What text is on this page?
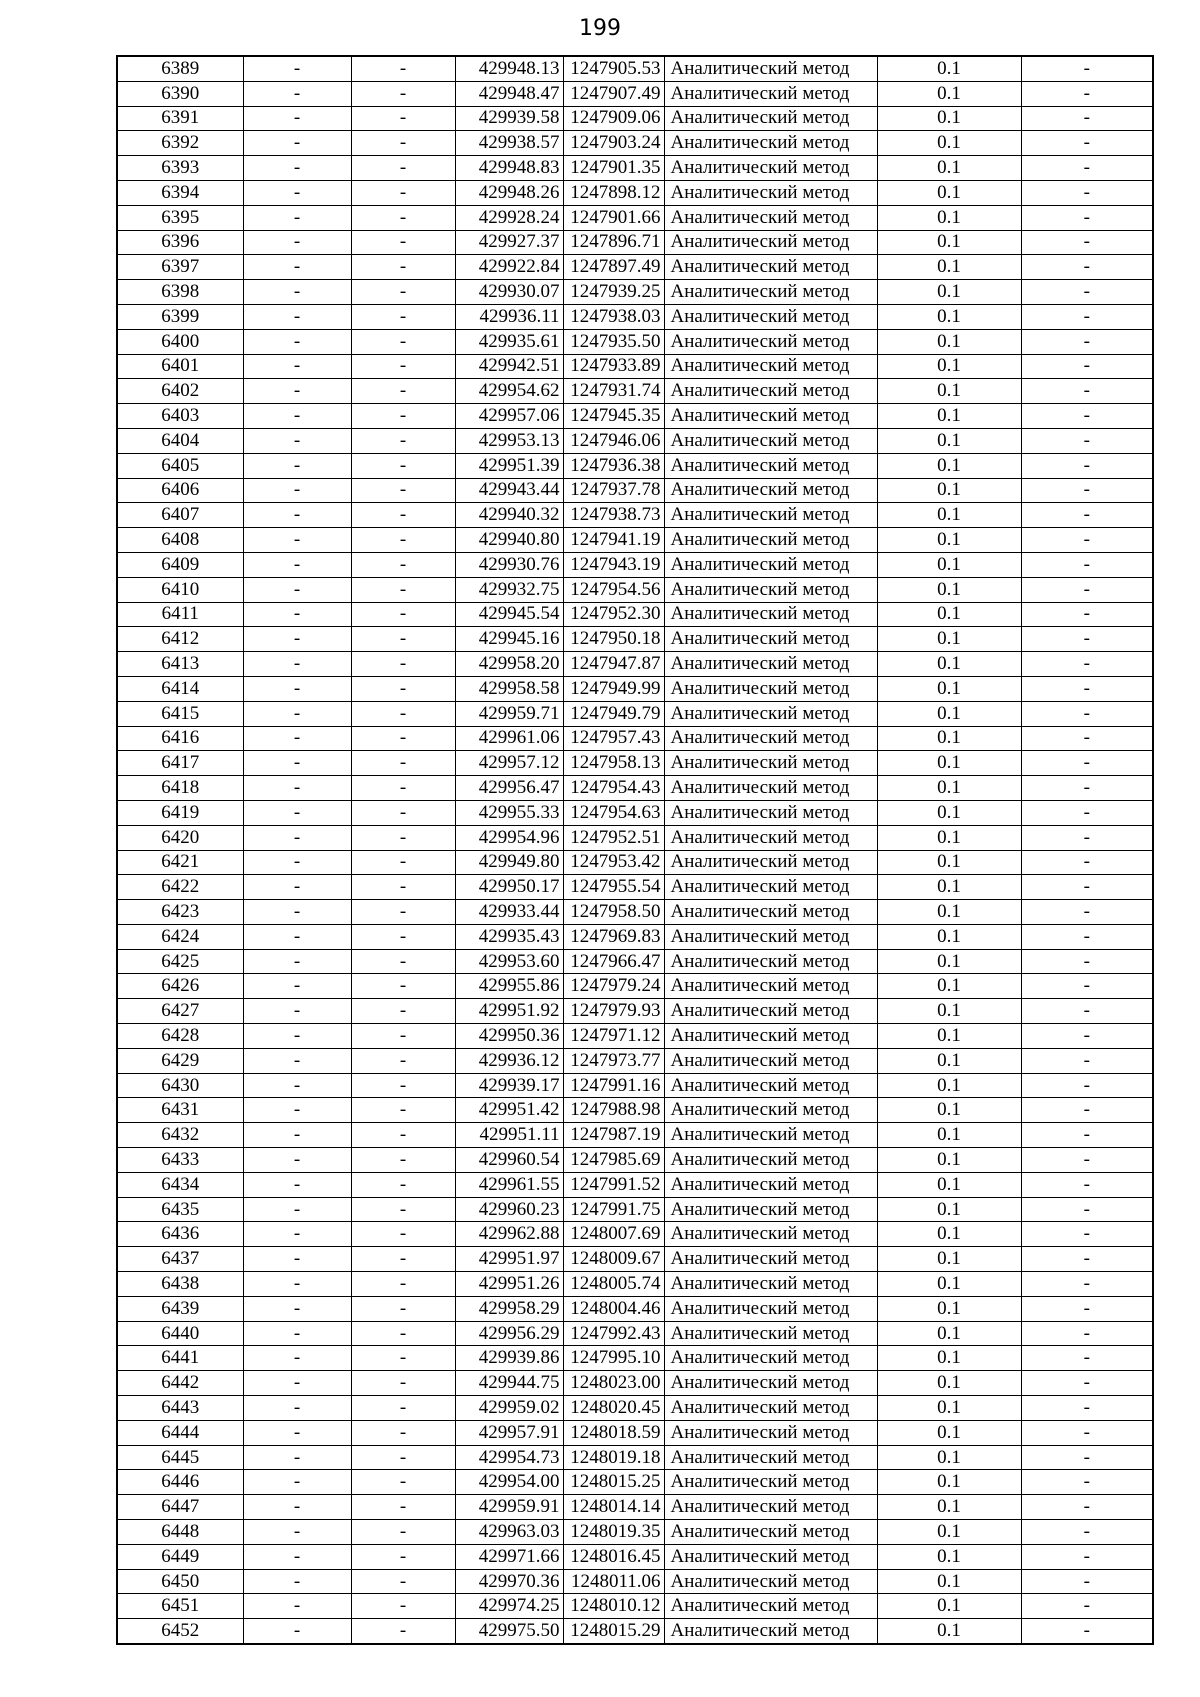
199
6389	-	-	429948.13	1247905.53	Аналитический метод	0.1	-
6390	-	-	429948.47	1247907.49	Аналитический метод	0.1	-
6391	-	-	429939.58	1247909.06	Аналитический метод	0.1	-
6392	-	-	429938.57	1247903.24	Аналитический метод	0.1	-
6393	-	-	429948.83	1247901.35	Аналитический метод	0.1	-
6394	-	-	429948.26	1247898.12	Аналитический метод	0.1	-
6395	-	-	429928.24	1247901.66	Аналитический метод	0.1	-
6396	-	-	429927.37	1247896.71	Аналитический метод	0.1	-
6397	-	-	429922.84	1247897.49	Аналитический метод	0.1	-
6398	-	-	429930.07	1247939.25	Аналитический метод	0.1	-
6399	-	-	429936.11	1247938.03	Аналитический метод	0.1	-
6400	-	-	429935.61	1247935.50	Аналитический метод	0.1	-
6401	-	-	429942.51	1247933.89	Аналитический метод	0.1	-
6402	-	-	429954.62	1247931.74	Аналитический метод	0.1	-
6403	-	-	429957.06	1247945.35	Аналитический метод	0.1	-
6404	-	-	429953.13	1247946.06	Аналитический метод	0.1	-
6405	-	-	429951.39	1247936.38	Аналитический метод	0.1	-
6406	-	-	429943.44	1247937.78	Аналитический метод	0.1	-
6407	-	-	429940.32	1247938.73	Аналитический метод	0.1	-
6408	-	-	429940.80	1247941.19	Аналитический метод	0.1	-
6409	-	-	429930.76	1247943.19	Аналитический метод	0.1	-
6410	-	-	429932.75	1247954.56	Аналитический метод	0.1	-
6411	-	-	429945.54	1247952.30	Аналитический метод	0.1	-
6412	-	-	429945.16	1247950.18	Аналитический метод	0.1	-
6413	-	-	429958.20	1247947.87	Аналитический метод	0.1	-
6414	-	-	429958.58	1247949.99	Аналитический метод	0.1	-
6415	-	-	429959.71	1247949.79	Аналитический метод	0.1	-
6416	-	-	429961.06	1247957.43	Аналитический метод	0.1	-
6417	-	-	429957.12	1247958.13	Аналитический метод	0.1	-
6418	-	-	429956.47	1247954.43	Аналитический метод	0.1	-
6419	-	-	429955.33	1247954.63	Аналитический метод	0.1	-
6420	-	-	429954.96	1247952.51	Аналитический метод	0.1	-
6421	-	-	429949.80	1247953.42	Аналитический метод	0.1	-
6422	-	-	429950.17	1247955.54	Аналитический метод	0.1	-
6423	-	-	429933.44	1247958.50	Аналитический метод	0.1	-
6424	-	-	429935.43	1247969.83	Аналитический метод	0.1	-
6425	-	-	429953.60	1247966.47	Аналитический метод	0.1	-
6426	-	-	429955.86	1247979.24	Аналитический метод	0.1	-
6427	-	-	429951.92	1247979.93	Аналитический метод	0.1	-
6428	-	-	429950.36	1247971.12	Аналитический метод	0.1	-
6429	-	-	429936.12	1247973.77	Аналитический метод	0.1	-
6430	-	-	429939.17	1247991.16	Аналитический метод	0.1	-
6431	-	-	429951.42	1247988.98	Аналитический метод	0.1	-
6432	-	-	429951.11	1247987.19	Аналитический метод	0.1	-
6433	-	-	429960.54	1247985.69	Аналитический метод	0.1	-
6434	-	-	429961.55	1247991.52	Аналитический метод	0.1	-
6435	-	-	429960.23	1247991.75	Аналитический метод	0.1	-
6436	-	-	429962.88	1248007.69	Аналитический метод	0.1	-
6437	-	-	429951.97	1248009.67	Аналитический метод	0.1	-
6438	-	-	429951.26	1248005.74	Аналитический метод	0.1	-
6439	-	-	429958.29	1248004.46	Аналитический метод	0.1	-
6440	-	-	429956.29	1247992.43	Аналитический метод	0.1	-
6441	-	-	429939.86	1247995.10	Аналитический метод	0.1	-
6442	-	-	429944.75	1248023.00	Аналитический метод	0.1	-
6443	-	-	429959.02	1248020.45	Аналитический метод	0.1	-
6444	-	-	429957.91	1248018.59	Аналитический метод	0.1	-
6445	-	-	429954.73	1248019.18	Аналитический метод	0.1	-
6446	-	-	429954.00	1248015.25	Аналитический метод	0.1	-
6447	-	-	429959.91	1248014.14	Аналитический метод	0.1	-
6448	-	-	429963.03	1248019.35	Аналитический метод	0.1	-
6449	-	-	429971.66	1248016.45	Аналитический метод	0.1	-
6450	-	-	429970.36	1248011.06	Аналитический метод	0.1	-
6451	-	-	429974.25	1248010.12	Аналитический метод	0.1	-
6452	-	-	429975.50	1248015.29	Аналитический метод	0.1	-
